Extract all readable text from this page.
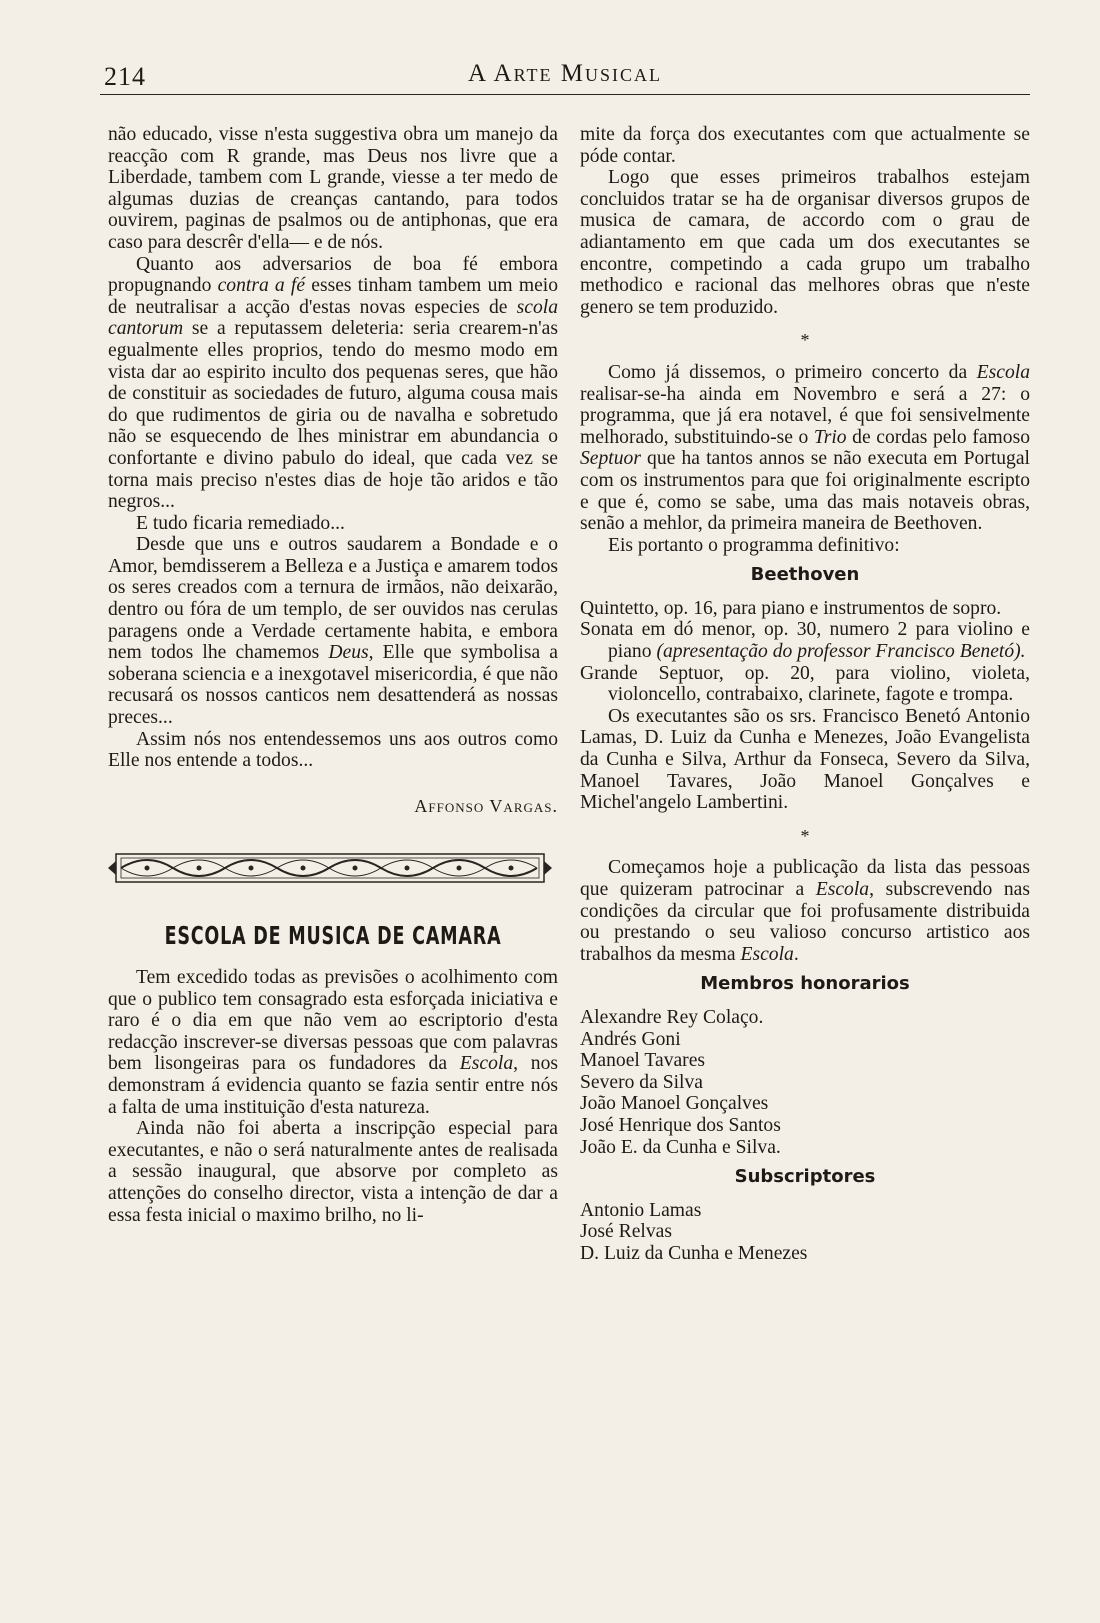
214	A Arte Musical

não educado, visse n'esta suggestiva obra um manejo da reacção com R grande, mas Deus nos livre que a Liberdade, tambem com L grande, viesse a ter medo de algumas duzias de creanças cantando, para todos ouvirem, paginas de psalmos ou de antiphonas, que era caso para descrêr d'ella— e de nós.

Quanto aos adversarios de boa fé embora propugnando contra a fé esses tinham tambem um meio de neutralisar a acção d'estas novas especies de scola cantorum se a reputassem deleteria: seria crearem-n'as egualmente elles proprios, tendo do mesmo modo em vista dar ao espirito inculto dos pequenas seres, que hão de constituir as sociedades de futuro, alguma cousa mais do que rudimentos de giria ou de navalha e sobretudo não se esquecendo de lhes ministrar em abundancia o confortante e divino pabulo do ideal, que cada vez se torna mais preciso n'estes dias de hoje tão aridos e tão negros...

E tudo ficaria remediado...

Desde que uns e outros saudarem a Bondade e o Amor, bemdisserem a Belleza e a Justiça e amarem todos os seres creados com a ternura de irmãos, não deixarão, dentro ou fóra de um templo, de ser ouvidos nas cerulas paragens onde a Verdade certamente habita, e embora nem todos lhe chamemos Deus, Elle que symbolisa a soberana sciencia e a inexgotavel misericordia, é que não recusará os nossos canticos nem desattenderá as nossas preces...

Assim nós nos entendessemos uns aos outros como Elle nos entende a todos...

Affonso Vargas.
ESCOLA DE MUSICA DE CAMARA

Tem excedido todas as previsões o acolhimento com que o publico tem consagrado esta esforçada iniciativa e raro é o dia em que não vem ao escriptorio d'esta redacção inscrever-se diversas pessoas que com palavras bem lisongeiras para os fundadores da Escola, nos demonstram á evidencia quanto se fazia sentir entre nós a falta de uma instituição d'esta natureza.

Ainda não foi aberta a inscripção especial para executantes, e não o será naturalmente antes de realisada a sessão inaugural, que absorve por completo as attenções do conselho director, vista a intenção de dar a essa festa inicial o maximo brilho, no li-

mite da força dos executantes com que actualmente se póde contar.

Logo que esses primeiros trabalhos estejam concluidos tratar se ha de organisar diversos grupos de musica de camara, de accordo com o grau de adiantamento em que cada um dos executantes se encontre, competindo a cada grupo um trabalho methodico e racional das melhores obras que n'este genero se tem produzido.

*

Como já dissemos, o primeiro concerto da Escola realisar-se-ha ainda em Novembro e será a 27: o programma, que já era notavel, é que foi sensivelmente melhorado, substituindo-se o Trio de cordas pelo famoso Septuor que ha tantos annos se não executa em Portugal com os instrumentos para que foi originalmente escripto e que é, como se sabe, uma das mais notaveis obras, senão a mehlor, da primeira maneira de Beethoven.

Eis portanto o programma definitivo:

Beethoven
Quintetto, op. 16, para piano e instrumentos de sopro.
Sonata em dó menor, op. 30, numero 2 para violino e piano (apresentação do professor Francisco Benetó).
Grande Septuor, op. 20, para violino, violeta, violoncello, contrabaixo, clarinete, fagote e trompa.

Os executantes são os srs. Francisco Benetó Antonio Lamas, D. Luiz da Cunha e Menezes, João Evangelista da Cunha e Silva, Arthur da Fonseca, Severo da Silva, Manoel Tavares, João Manoel Gonçalves e Michel'angelo Lambertini.

*

Começamos hoje a publicação da lista das pessoas que quizeram patrocinar a Escola, subscrevendo nas condições da circular que foi profusamente distribuida ou prestando o seu valioso concurso artistico aos trabalhos da mesma Escola.

Membros honorarios
Alexandre Rey Colaço.
Andrés Goni
Manoel Tavares
Severo da Silva
João Manoel Gonçalves
José Henrique dos Santos
João E. da Cunha e Silva.
Subscriptores
Antonio Lamas
José Relvas
D. Luiz da Cunha e Menezes
